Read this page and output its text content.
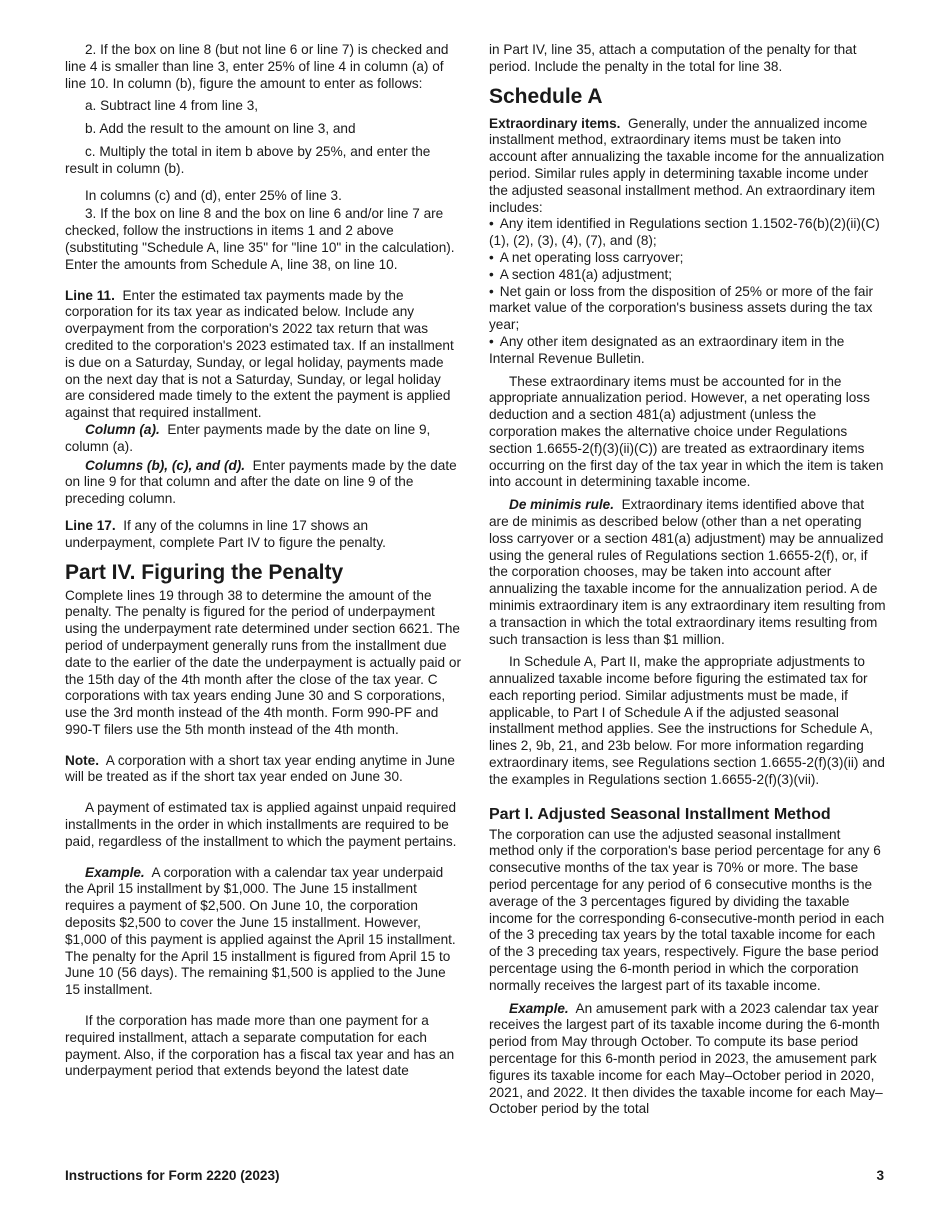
2. If the box on line 8 (but not line 6 or line 7) is checked and line 4 is smaller than line 3, enter 25% of line 4 in column (a) of line 10. In column (b), figure the amount to enter as follows:

a. Subtract line 4 from line 3,

b. Add the result to the amount on line 3, and

c. Multiply the total in item b above by 25%, and enter the result in column (b).

In columns (c) and (d), enter 25% of line 3.

3. If the box on line 8 and the box on line 6 and/or line 7 are checked, follow the instructions in items 1 and 2 above (substituting "Schedule A, line 35" for "line 10" in the calculation). Enter the amounts from Schedule A, line 38, on line 10.

Line 11. Enter the estimated tax payments made by the corporation for its tax year as indicated below. Include any overpayment from the corporation's 2022 tax return that was credited to the corporation's 2023 estimated tax. If an installment is due on a Saturday, Sunday, or legal holiday, payments made on the next day that is not a Saturday, Sunday, or legal holiday are considered made timely to the extent the payment is applied against that required installment.

Column (a). Enter payments made by the date on line 9, column (a).

Columns (b), (c), and (d). Enter payments made by the date on line 9 for that column and after the date on line 9 of the preceding column.

Line 17. If any of the columns in line 17 shows an underpayment, complete Part IV to figure the penalty.

Part IV. Figuring the Penalty

Complete lines 19 through 38 to determine the amount of the penalty. The penalty is figured for the period of underpayment using the underpayment rate determined under section 6621. The period of underpayment generally runs from the installment due date to the earlier of the date the underpayment is actually paid or the 15th day of the 4th month after the close of the tax year. C corporations with tax years ending June 30 and S corporations, use the 3rd month instead of the 4th month. Form 990-PF and 990-T filers use the 5th month instead of the 4th month.

Note. A corporation with a short tax year ending anytime in June will be treated as if the short tax year ended on June 30.

A payment of estimated tax is applied against unpaid required installments in the order in which installments are required to be paid, regardless of the installment to which the payment pertains.

Example. A corporation with a calendar tax year underpaid the April 15 installment by $1,000. The June 15 installment requires a payment of $2,500. On June 10, the corporation deposits $2,500 to cover the June 15 installment. However, $1,000 of this payment is applied against the April 15 installment. The penalty for the April 15 installment is figured from April 15 to June 10 (56 days). The remaining $1,500 is applied to the June 15 installment.

If the corporation has made more than one payment for a required installment, attach a separate computation for each payment. Also, if the corporation has a fiscal tax year and has an underpayment period that extends beyond the latest date

in Part IV, line 35, attach a computation of the penalty for that period. Include the penalty in the total for line 38.

Schedule A

Extraordinary items. Generally, under the annualized income installment method, extraordinary items must be taken into account after annualizing the taxable income for the annualization period. Similar rules apply in determining taxable income under the adjusted seasonal installment method. An extraordinary item includes:

• Any item identified in Regulations section 1.1502-76(b)(2)(ii)(C)(1), (2), (3), (4), (7), and (8);
• A net operating loss carryover;
• A section 481(a) adjustment;
• Net gain or loss from the disposition of 25% or more of the fair market value of the corporation's business assets during the tax year;
• Any other item designated as an extraordinary item in the Internal Revenue Bulletin.

These extraordinary items must be accounted for in the appropriate annualization period. However, a net operating loss deduction and a section 481(a) adjustment (unless the corporation makes the alternative choice under Regulations section 1.6655-2(f)(3)(ii)(C)) are treated as extraordinary items occurring on the first day of the tax year in which the item is taken into account in determining taxable income.

De minimis rule. Extraordinary items identified above that are de minimis as described below (other than a net operating loss carryover or a section 481(a) adjustment) may be annualized using the general rules of Regulations section 1.6655-2(f), or, if the corporation chooses, may be taken into account after annualizing the taxable income for the annualization period. A de minimis extraordinary item is any extraordinary item resulting from a transaction in which the total extraordinary items resulting from such transaction is less than $1 million.

In Schedule A, Part II, make the appropriate adjustments to annualized taxable income before figuring the estimated tax for each reporting period. Similar adjustments must be made, if applicable, to Part I of Schedule A if the adjusted seasonal installment method applies. See the instructions for Schedule A, lines 2, 9b, 21, and 23b below. For more information regarding extraordinary items, see Regulations section 1.6655-2(f)(3)(ii) and the examples in Regulations section 1.6655-2(f)(3)(vii).

Part I. Adjusted Seasonal Installment Method

The corporation can use the adjusted seasonal installment method only if the corporation's base period percentage for any 6 consecutive months of the tax year is 70% or more. The base period percentage for any period of 6 consecutive months is the average of the 3 percentages figured by dividing the taxable income for the corresponding 6-consecutive-month period in each of the 3 preceding tax years by the total taxable income for each of the 3 preceding tax years, respectively. Figure the base period percentage using the 6-month period in which the corporation normally receives the largest part of its taxable income.

Example. An amusement park with a 2023 calendar tax year receives the largest part of its taxable income during the 6-month period from May through October. To compute its base period percentage for this 6-month period in 2023, the amusement park figures its taxable income for each May–October period in 2020, 2021, and 2022. It then divides the taxable income for each May–October period by the total

Instructions for Form 2220 (2023)	3
